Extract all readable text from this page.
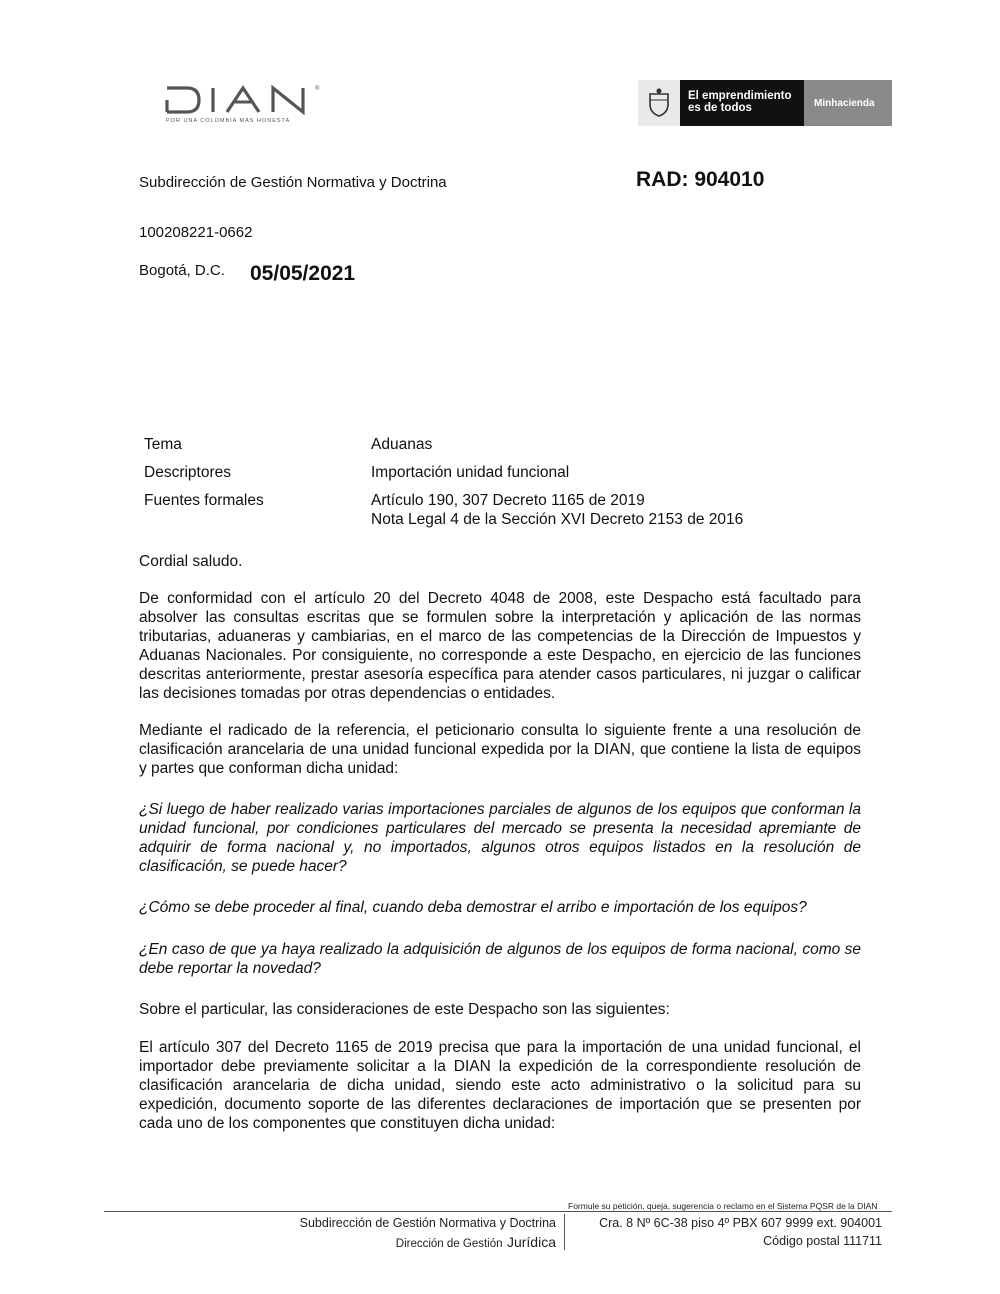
®
POR UNA COLOMBIA MÁS HONESTA
El emprendimiento
es de todos	Minhacienda
Subdirección de Gestión Normativa y Doctrina	RAD: 904010
100208221-0662
Bogotá, D.C. 05/05/2021
Tema	Aduanas
Descriptores	Importación unidad funcional
Fuentes formales	Artículo 190, 307 Decreto 1165 de 2019
Nota Legal 4 de la Sección XVI Decreto 2153 de 2016
Cordial saludo.
De conformidad con el artículo 20 del Decreto 4048 de 2008, este Despacho está facultado para absolver las consultas escritas que se formulen sobre la interpretación y aplicación de las normas tributarias, aduaneras y cambiarias, en el marco de las competencias de la Dirección de Impuestos y Aduanas Nacionales. Por consiguiente, no corresponde a este Despacho, en ejercicio de las funciones descritas anteriormente, prestar asesoría específica para atender casos particulares, ni juzgar o calificar las decisiones tomadas por otras dependencias o entidades.
Mediante el radicado de la referencia, el peticionario consulta lo siguiente frente a una resolución de clasificación arancelaria de una unidad funcional expedida por la DIAN, que contiene la lista de equipos y partes que conforman dicha unidad:
¿Si luego de haber realizado varias importaciones parciales de algunos de los equipos que conforman la unidad funcional, por condiciones particulares del mercado se presenta la necesidad apremiante de adquirir de forma nacional y, no importados, algunos otros equipos listados en la resolución de clasificación, se puede hacer?
¿Cómo se debe proceder al final, cuando deba demostrar el arribo e importación de los equipos?
¿En caso de que ya haya realizado la adquisición de algunos de los equipos de forma nacional, como se debe reportar la novedad?
Sobre el particular, las consideraciones de este Despacho son las siguientes:
El artículo 307 del Decreto 1165 de 2019 precisa que para la importación de una unidad funcional, el importador debe previamente solicitar a la DIAN la expedición de la correspondiente resolución de clasificación arancelaria de dicha unidad, siendo este acto administrativo o la solicitud para su expedición, documento soporte de las diferentes declaraciones de importación que se presenten por cada uno de los componentes que constituyen dicha unidad:
Formule su petición, queja, sugerencia o reclamo en el Sistema PQSR de la DIAN
Subdirección de Gestión Normativa y Doctrina
Dirección de Gestión Jurídica
Cra. 8 Nº 6C-38 piso 4º PBX 607 9999 ext. 904001
Código postal 111711
